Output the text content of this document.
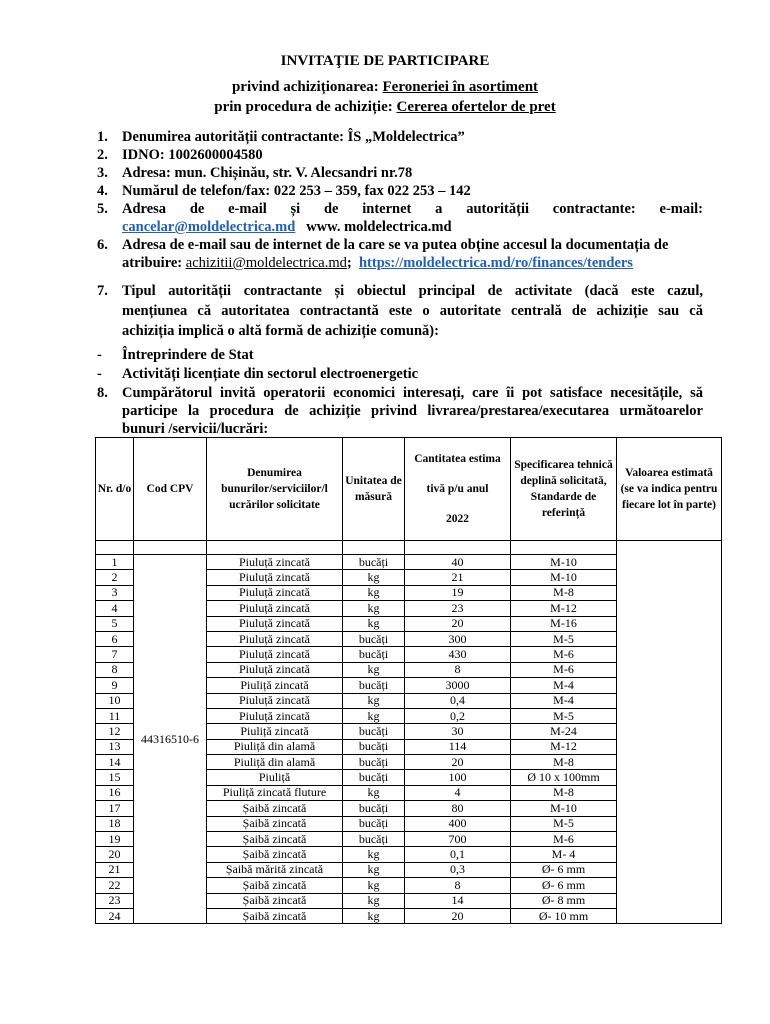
INVITAŢIE DE PARTICIPARE
privind achiziționarea: Feroneriei în asortiment
prin procedura de achiziție: Cererea ofertelor de pret
1. Denumirea autorității contractante: ÎS „Moldelectrica”
2. IDNO: 1002600004580
3. Adresa: mun. Chișinău, str. V. Alecsandri nr.78
4. Numărul de telefon/fax: 022 253 – 359, fax 022 253 – 142
5. Adresa de e-mail și de internet a autorității contractante: e-mail:
cancelar@moldelectrica.md www. moldelectrica.md
6. Adresa de e-mail sau de internet de la care se va putea obține accesul la documentația de
atribuire: achizitii@moldelectrica.md; https://moldelectrica.md/ro/finances/tenders
7. Tipul autorității contractante și obiectul principal de activitate (dacă este cazul,
mențiunea că autoritatea contractantă este o autoritate centrală de achiziție sau că
achiziția implică o altă formă de achiziție comună):
- Întreprindere de Stat
- Activități licențiate din sectorul electroenergetic
8. Cumpărătorul invită operatorii economici interesați, care îi pot satisface necesitățile, să
participe la procedura de achiziție privind livrarea/prestarea/executarea următoarelor
bunuri /servicii/lucrări:
Nr. d/o	Cod CPV	Denumirea bunurilor/serviciilor/l ucrărilor solicitate	Unitatea de măsură	Cantitatea estima
tivă p/u anul
2022	Specificarea tehnică deplină solicitată, Standarde de referință	Valoarea estimată (se va indica pentru fiecare lot în parte)

1	44316510-6	Piuluță zincată	bucăți	40	M-10	
2		Piuluță zincată	kg	21	M-10	
3		Piuluță zincată	kg	19	M-8	
4		Piuluță zincată	kg	23	M-12	
5		Piuluță zincată	kg	20	M-16	
6		Piuluță zincată	bucăți	300	M-5	
7		Piuluță zincată	bucăți	430	M-6	
8		Piuluță zincată	kg	8	M-6	
9		Piuliță zincată	bucăți	3000	M-4	
10		Piuluță zincată	kg	0,4	M-4	
11		Piuluță zincată	kg	0,2	M-5	
12		Piuliță zincată	bucăți	30	M-24	
13		Piuliță din alamă	bucăți	114	M-12	
14		Piuliță din alamă	bucăți	20	M-8	
15		Piuliță	bucăți	100	Ø 10 x 100mm	
16		Piuliță zincată fluture	kg	4	M-8	
17		Șaibă zincată	bucăți	80	M-10	
18		Șaibă zincată	bucăți	400	M-5	
19		Șaibă zincată	bucăți	700	M-6	
20		Șaibă zincată	kg	0,1	M- 4	
21		Șaibă mărită zincată	kg	0,3	Ø- 6 mm	
22		Șaibă zincată	kg	8	Ø- 6 mm	
23		Șaibă zincată	kg	14	Ø- 8 mm	
24		Șaibă zincată	kg	20	Ø- 10 mm	
